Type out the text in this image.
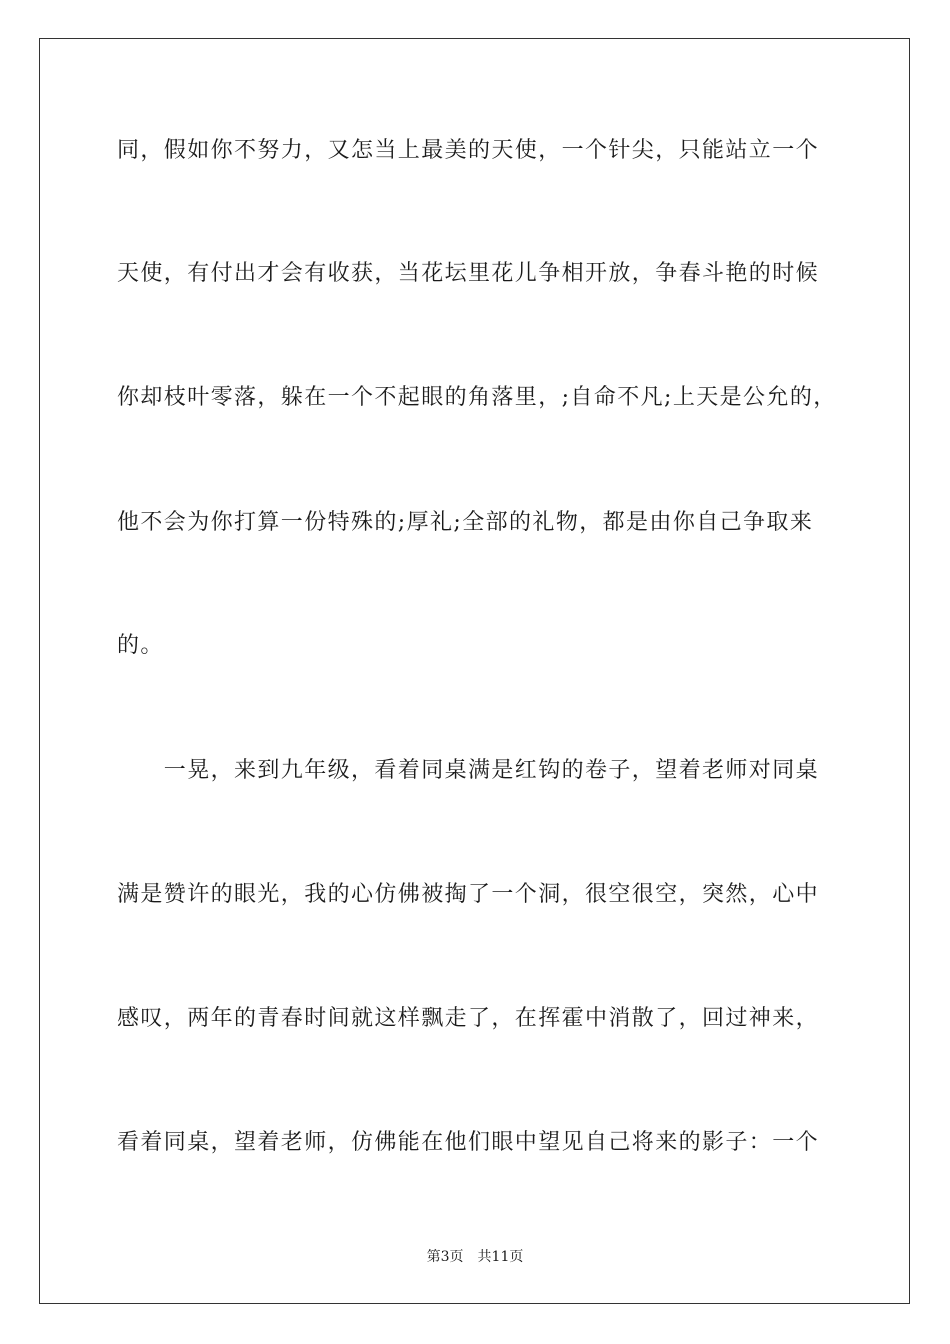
同，假如你不努力，又怎当上最美的天使，一个针尖，只能站立一个
天使，有付出才会有收获，当花坛里花儿争相开放，争春斗艳的时候
你却枝叶零落，躲在一个不起眼的角落里，;自命不凡;上天是公允的，
他不会为你打算一份特殊的;厚礼;全部的礼物，都是由你自己争取来
的。
　　一晃，来到九年级，看着同桌满是红钩的卷子，望着老师对同桌
满是赞许的眼光，我的心仿佛被掏了一个洞，很空很空，突然，心中
感叹，两年的青春时间就这样飘走了，在挥霍中消散了，回过神来，
看着同桌，望着老师，仿佛能在他们眼中望见自己将来的影子：一个
第3页 共11页
